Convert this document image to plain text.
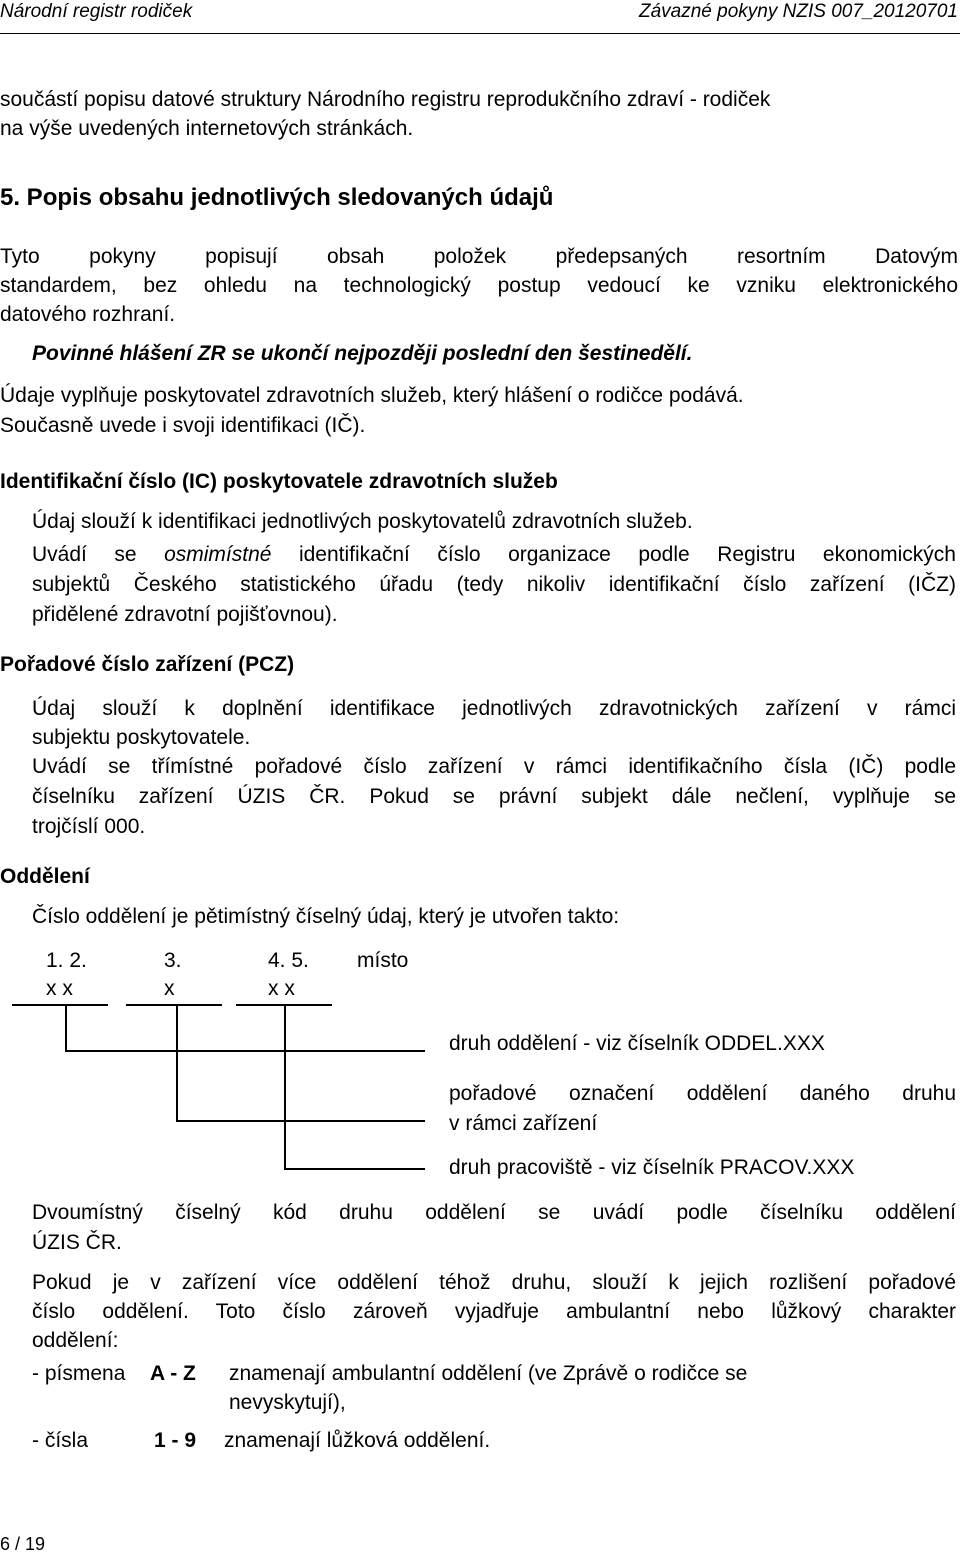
Národní registr rodiček	Závazné pokyny NZIS 007_20120701
součástí popisu datové struktury Národního registru reprodukčního zdraví - rodiček
na výše uvedených internetových stránkách.
5. Popis obsahu jednotlivých sledovaných údajů
Tyto pokyny popisují obsah položek předepsaných resortním Datovým
standardem, bez ohledu na technologický postup vedoucí ke vzniku elektronického
datového rozhraní.
Povinné hlášení ZR se ukončí nejpozději poslední den šestinedělí.
Údaje vyplňuje poskytovatel zdravotních služeb, který hlášení o rodičce podává.
Současně uvede i svoji identifikaci (IČ).
Identifikační číslo (IC) poskytovatele zdravotních služeb
Údaj slouží k identifikaci jednotlivých poskytovatelů zdravotních služeb.
Uvádí se osmimístné identifikační číslo organizace podle Registru ekonomických
subjektů Českého statistického úřadu (tedy nikoliv identifikační číslo zařízení (IČZ)
přidělené zdravotní pojišťovnou).
Pořadové číslo zařízení (PCZ)
Údaj slouží k doplnění identifikace jednotlivých zdravotnických zařízení v rámci
subjektu poskytovatele.
Uvádí se třímístné pořadové číslo zařízení v rámci identifikačního čísla (IČ) podle
číselníku zařízení ÚZIS ČR. Pokud se právní subjekt dále nečlení, vyplňuje se
trojčíslí 000.
Oddělení
Číslo oddělení je pětimístný číselný údaj, který je utvořen takto:
1. 2.	3.	4. 5. místo
x x	x	x x
druh oddělení - viz číselník ODDEL.XXX
pořadové označení oddělení daného druhu
v rámci zařízení
druh pracoviště - viz číselník PRACOV.XXX
Dvoumístný číselný kód druhu oddělení se uvádí podle číselníku oddělení
ÚZIS ČR.
Pokud je v zařízení více oddělení téhož druhu, slouží k jejich rozlišení pořadové
číslo oddělení. Toto číslo zároveň vyjadřuje ambulantní nebo lůžkový charakter
oddělení:
- písmena A - Z znamenají ambulantní oddělení (ve Zprávě o rodičce se
nevyskytují),
- čísla	1 - 9 znamenají lůžková oddělení.
6 / 19
